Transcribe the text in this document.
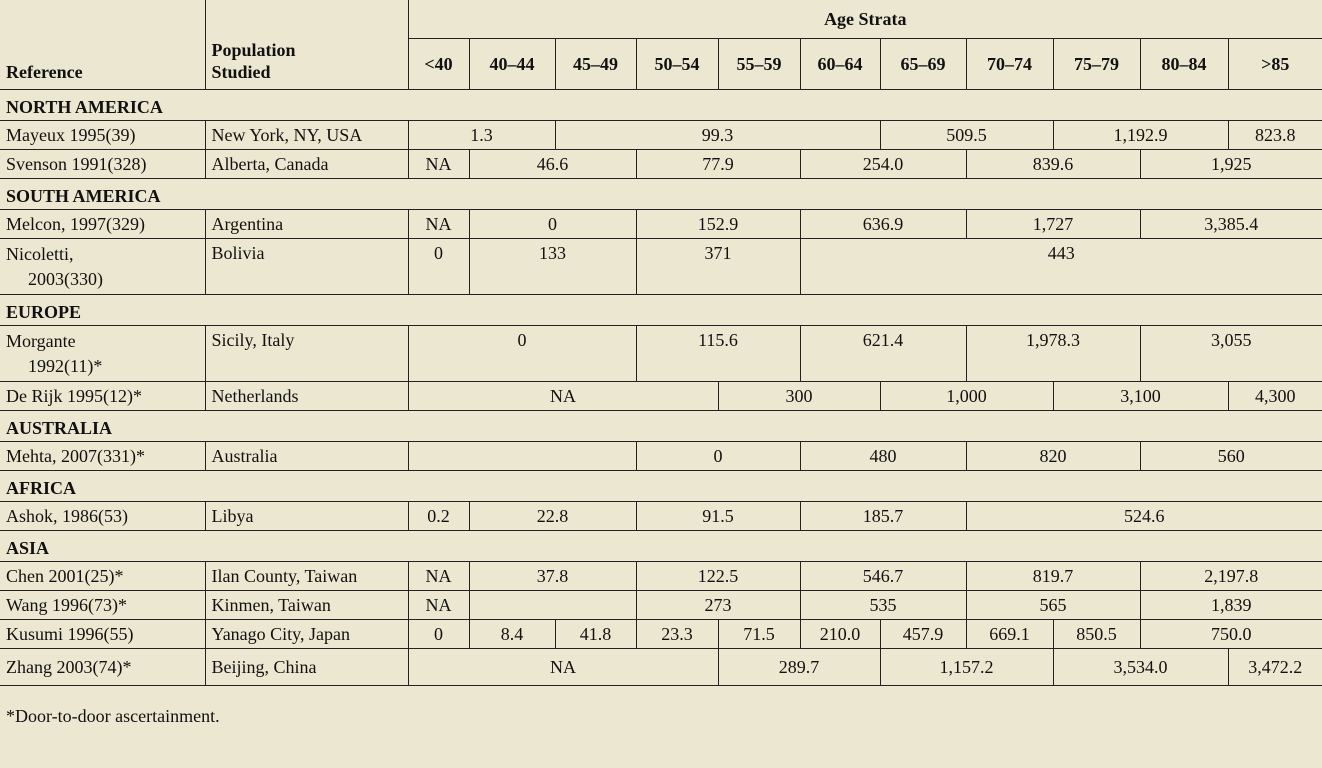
Reference	Population Studied	Age Strata										
		<40	40–44	45–49	50–54	55–59	60–64	65–69	70–74	75–79	80–84	>85
NORTH AMERICA												
Mayeux 1995(39)	New York, NY, USA	1.3		99.3				509.5		1,192.9		823.8
Svenson 1991(328)	Alberta, Canada	NA	46.6		77.9		254.0		839.6		1,925	
SOUTH AMERICA												
Melcon, 1997(329)	Argentina	NA	0		152.9		636.9		1,727		3,385.4	
Nicoletti,
2003(330)	Bolivia	0	133		371		443					
EUROPE												
Morgante
1992(11)*	Sicily, Italy	0			115.6		621.4		1,978.3		3,055	
De Rijk 1995(12)*	Netherlands	NA				300		1,000		3,100		4,300
AUSTRALIA												
Mehta, 2007(331)*	Australia				0		480		820		560	
AFRICA												
Ashok, 1986(53)	Libya	0.2	22.8		91.5		185.7		524.6			
ASIA												
Chen 2001(25)*	Ilan County, Taiwan	NA	37.8		122.5		546.7		819.7		2,197.8	
Wang 1996(73)*	Kinmen, Taiwan	NA			273		535		565		1,839	
Kusumi 1996(55)	Yanago City, Japan	0	8.4	41.8	23.3	71.5	210.0	457.9	669.1	850.5	750.0	
Zhang 2003(74)*	Beijing, China	NA				289.7		1,157.2		3,534.0		3,472.2
*Door-to-door ascertainment.												
